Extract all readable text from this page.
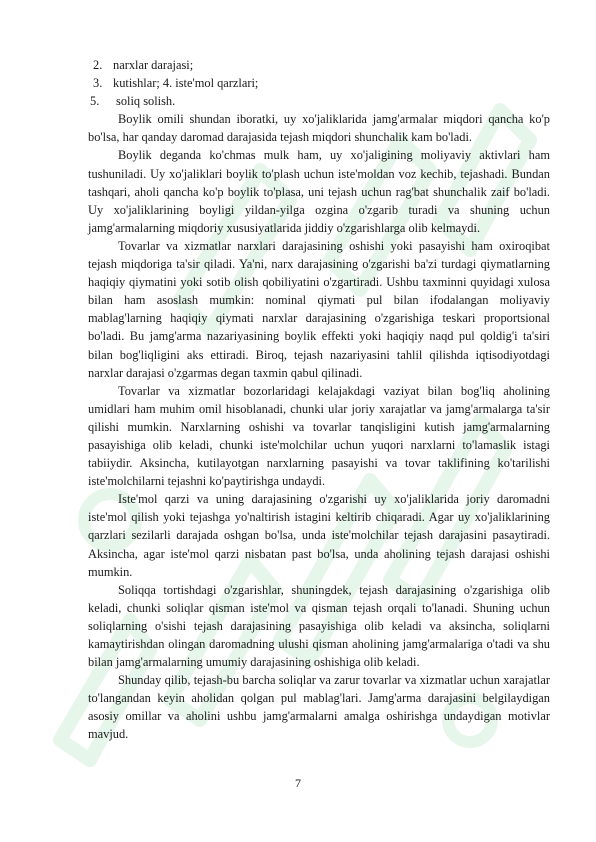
2. narxlar darajasi;
3. kutishlar; 4. iste'mol qarzlari;
5. soliq solish.

Boylik omili shundan iboratki, uy xo'jaliklarida jamg'armalar miqdori qancha ko'p bo'lsa, har qanday daromad darajasida tejash miqdori shunchalik kam bo'ladi.

Boylik deganda ko'chmas mulk ham, uy xo'jaligining moliyaviy aktivlari ham tushuniladi. Uy xo'jaliklari boylik to'plash uchun iste'moldan voz kechib, tejashadi. Bundan tashqari, aholi qancha ko'p boylik to'plasa, uni tejash uchun rag'bat shunchalik zaif bo'ladi. Uy xo'jaliklarining boyligi yildan-yilga ozgina o'zgarib turadi va shuning uchun jamg'armalarning miqdoriy xususiyatlarida jiddiy o'zgarishlarga olib kelmaydi.

Tovarlar va xizmatlar narxlari darajasining oshishi yoki pasayishi ham oxiroqibat tejash miqdoriga ta'sir qiladi. Ya'ni, narx darajasining o'zgarishi ba'zi turdagi qiymatlarning haqiqiy qiymatini yoki sotib olish qobiliyatini o'zgartiradi. Ushbu taxminni quyidagi xulosa bilan ham asoslash mumkin: nominal qiymati pul bilan ifodalangan moliyaviy mablag'larning haqiqiy qiymati narxlar darajasining o'zgarishiga teskari proportsional bo'ladi. Bu jamg'arma nazariyasining boylik effekti yoki haqiqiy naqd pul qoldig'i ta'siri bilan bog'liqligini aks ettiradi. Biroq, tejash nazariyasini tahlil qilishda iqtisodiyotdagi narxlar darajasi o'zgarmas degan taxmin qabul qilinadi.

Tovarlar va xizmatlar bozorlaridagi kelajakdagi vaziyat bilan bog'liq aholining umidlari ham muhim omil hisoblanadi, chunki ular joriy xarajatlar va jamg'armalarga ta'sir qilishi mumkin. Narxlarning oshishi va tovarlar tanqisligini kutish jamg'armalarning pasayishiga olib keladi, chunki iste'molchilar uchun yuqori narxlarni to'lamaslik istagi tabiiydir. Aksincha, kutilayotgan narxlarning pasayishi va tovar taklifining ko'tarilishi iste'molchilarni tejashni ko'paytirishga undaydi.

Iste'mol qarzi va uning darajasining o'zgarishi uy xo'jaliklarida joriy daromadni iste'mol qilish yoki tejashga yo'naltirish istagini keltirib chiqaradi. Agar uy xo'jaliklarining qarzlari sezilarli darajada oshgan bo'lsa, unda iste'molchilar tejash darajasini pasaytiradi. Aksincha, agar iste'mol qarzi nisbatan past bo'lsa, unda aholining tejash darajasi oshishi mumkin.

Soliqqa tortishdagi o'zgarishlar, shuningdek, tejash darajasining o'zgarishiga olib keladi, chunki soliqlar qisman iste'mol va qisman tejash orqali to'lanadi. Shuning uchun soliqlarning o'sishi tejash darajasining pasayishiga olib keladi va aksincha, soliqlarni kamaytirishdan olingan daromadning ulushi qisman aholining jamg'armalariga o'tadi va shu bilan jamg'armalarning umumiy darajasining oshishiga olib keladi.

Shunday qilib, tejash-bu barcha soliqlar va zarur tovarlar va xizmatlar uchun xarajatlar to'langandan keyin aholidan qolgan pul mablag'lari. Jamg'arma darajasini belgilaydigan asosiy omillar va aholini ushbu jamg'armalarni amalga oshirishga undaydigan motivlar mavjud.

7
